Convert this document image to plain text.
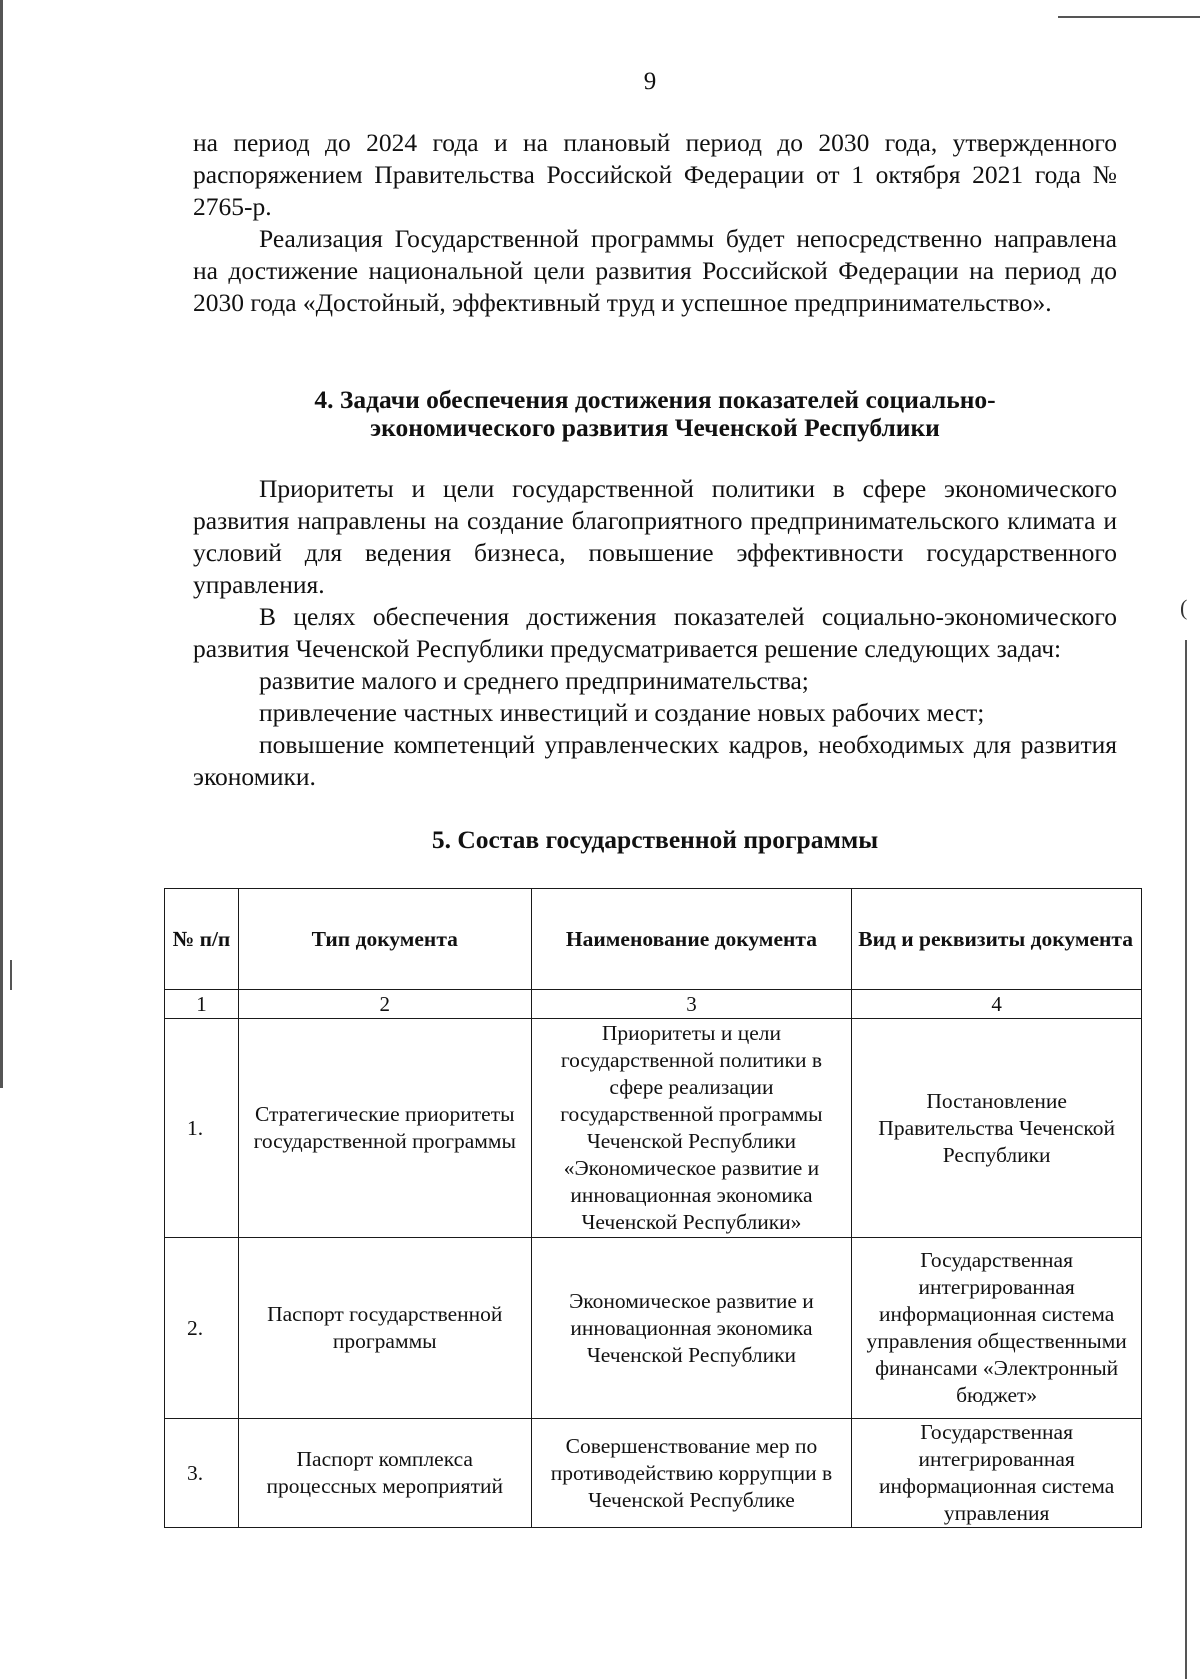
(
9

на период до 2024 года и на плановый период до 2030 года, утвержденного распоряжением Правительства Российской Федерации от 1 октября 2021 года № 2765-р.

Реализация Государственной программы будет непосредственно направлена на достижение национальной цели развития Российской Федерации на период до 2030 года «Достойный, эффективный труд и успешное предпринимательство».

4. Задачи обеспечения достижения показателей социально-
экономического развития Чеченской Республики

Приоритеты и цели государственной политики в сфере экономического развития направлены на создание благоприятного предпринимательского климата и условий для ведения бизнеса, повышение эффективности государственного управления.

В целях обеспечения достижения показателей социально-экономического развития Чеченской Республики предусматривается решение следующих задач:

развитие малого и среднего предпринимательства;

привлечение частных инвестиций и создание новых рабочих мест;

повышение компетенций управленческих кадров, необходимых для развития экономики.

5. Состав государственной программы
№ п/п	Тип документа	Наименование документа	Вид и реквизиты документа
1	2	3	4
1.	Стратегические приоритеты государственной программы	Приоритеты и цели государственной политики в сфере реализации государственной программы Чеченской Республики «Экономическое развитие и инновационная экономика Чеченской Республики»	Постановление Правительства Чеченской Республики
2.	Паспорт государственной программы	Экономическое развитие и инновационная экономика Чеченской Республики	Государственная интегрированная информационная система управления общественными финансами «Электронный бюджет»
3.	Паспорт комплекса процессных мероприятий	Совершенствование мер по противодействию коррупции в Чеченской Республике	Государственная интегрированная информационная система управления
